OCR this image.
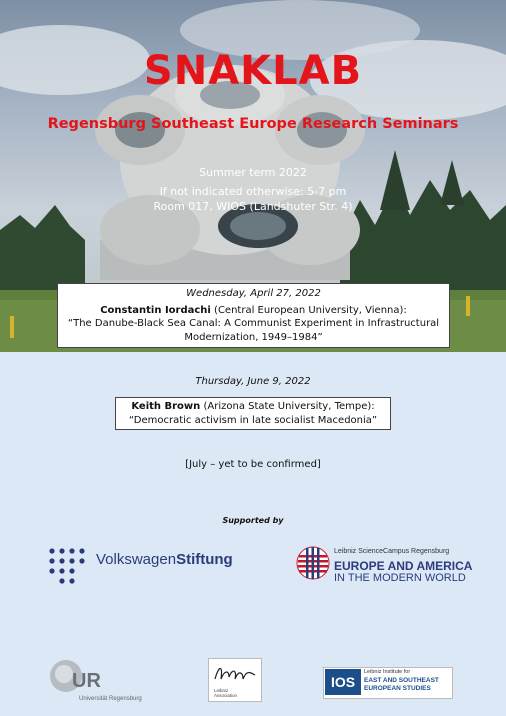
SNAKLAB
Regensburg Southeast Europe Research Seminars
Summer term 2022
If not indicated otherwise: 5-7 pm
Room 017, WIOS (Landshuter Str. 4)
Wednesday, April 27, 2022
Constantin Iordachi (Central European University, Vienna):
“The Danube-Black Sea Canal: A Communist Experiment in Infrastructural
Modernization, 1949–1984”
Thursday, June 9, 2022
Keith Brown (Arizona State University, Tempe):
“Democratic activism in late socialist Macedonia”
[July – yet to be confirmed]
Supported by
VolkswagenStiftung	Leibniz ScienceCampus Regensburg
EUROPE AND AMERICA
IN THE MODERN WORLD
UR
Universität Regensburg
Leibniz
Association
IOS
Leibniz Institute for
EAST AND SOUTHEAST
EUROPEAN STUDIES
